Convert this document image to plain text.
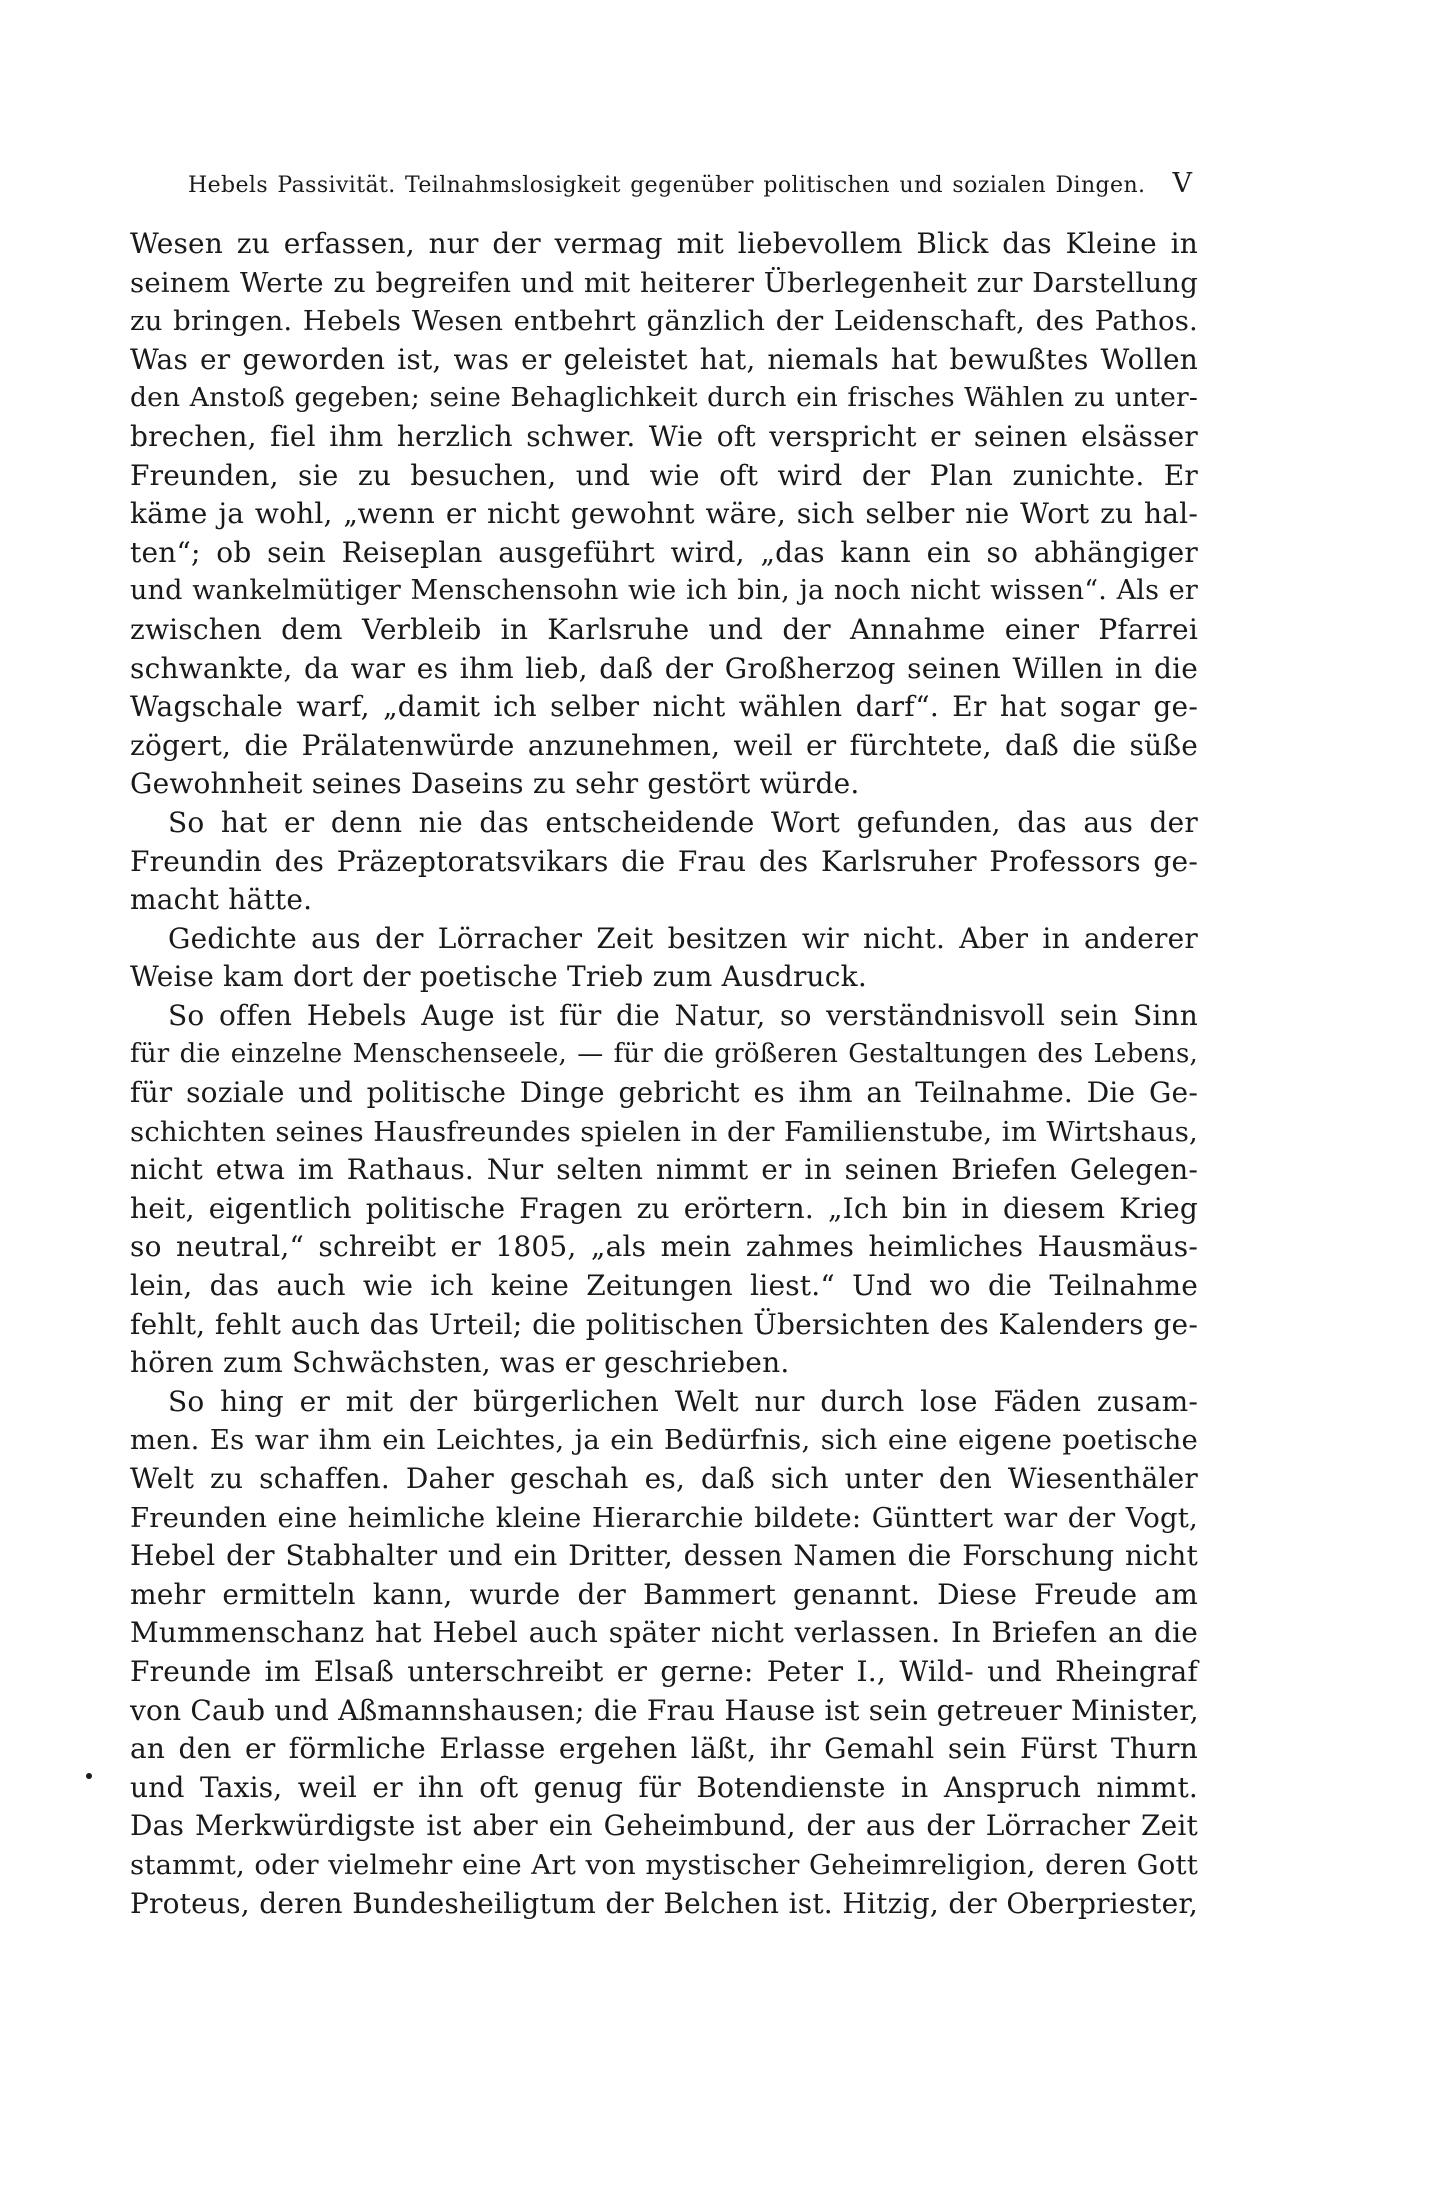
Hebels Passivität. Teilnahmslosigkeit gegenüber politischen und sozialen Dingen. V
Wesen zu erfassen, nur der vermag mit liebevollem Blick das Kleine in
seinem Werte zu begreifen und mit heiterer Überlegenheit zur Darstellung
zu bringen. Hebels Wesen entbehrt gänzlich der Leidenschaft, des Pathos.
Was er geworden ist, was er geleistet hat, niemals hat bewußtes Wollen
den Anstoß gegeben; seine Behaglichkeit durch ein frisches Wählen zu unter-
brechen, fiel ihm herzlich schwer. Wie oft verspricht er seinen elsässer
Freunden, sie zu besuchen, und wie oft wird der Plan zunichte. Er
käme ja wohl, „wenn er nicht gewohnt wäre, sich selber nie Wort zu hal-
ten“; ob sein Reiseplan ausgeführt wird, „das kann ein so abhängiger
und wankelmütiger Menschensohn wie ich bin, ja noch nicht wissen“. Als er
zwischen dem Verbleib in Karlsruhe und der Annahme einer Pfarrei
schwankte, da war es ihm lieb, daß der Großherzog seinen Willen in die
Wagschale warf, „damit ich selber nicht wählen darf“. Er hat sogar ge-
zögert, die Prälatenwürde anzunehmen, weil er fürchtete, daß die süße
Gewohnheit seines Daseins zu sehr gestört würde.
So hat er denn nie das entscheidende Wort gefunden, das aus der
Freundin des Präzeptoratsvikars die Frau des Karlsruher Professors ge-
macht hätte.
Gedichte aus der Lörracher Zeit besitzen wir nicht. Aber in anderer
Weise kam dort der poetische Trieb zum Ausdruck.
So offen Hebels Auge ist für die Natur, so verständnisvoll sein Sinn
für die einzelne Menschenseele, — für die größeren Gestaltungen des Lebens,
für soziale und politische Dinge gebricht es ihm an Teilnahme. Die Ge-
schichten seines Hausfreundes spielen in der Familienstube, im Wirtshaus,
nicht etwa im Rathaus. Nur selten nimmt er in seinen Briefen Gelegen-
heit, eigentlich politische Fragen zu erörtern. „Ich bin in diesem Krieg
so neutral,“ schreibt er 1805, „als mein zahmes heimliches Hausmäus-
lein, das auch wie ich keine Zeitungen liest.“ Und wo die Teilnahme
fehlt, fehlt auch das Urteil; die politischen Übersichten des Kalenders ge-
hören zum Schwächsten, was er geschrieben.
So hing er mit der bürgerlichen Welt nur durch lose Fäden zusam-
men. Es war ihm ein Leichtes, ja ein Bedürfnis, sich eine eigene poetische
Welt zu schaffen. Daher geschah es, daß sich unter den Wiesenthäler
Freunden eine heimliche kleine Hierarchie bildete: Günttert war der Vogt,
Hebel der Stabhalter und ein Dritter, dessen Namen die Forschung nicht
mehr ermitteln kann, wurde der Bammert genannt. Diese Freude am
Mummenschanz hat Hebel auch später nicht verlassen. In Briefen an die
Freunde im Elsaß unterschreibt er gerne: Peter I., Wild- und Rheingraf
von Caub und Aßmannshausen; die Frau Hause ist sein getreuer Minister,
an den er förmliche Erlasse ergehen läßt, ihr Gemahl sein Fürst Thurn
und Taxis, weil er ihn oft genug für Botendienste in Anspruch nimmt.
Das Merkwürdigste ist aber ein Geheimbund, der aus der Lörracher Zeit
stammt, oder vielmehr eine Art von mystischer Geheimreligion, deren Gott
Proteus, deren Bundesheiligtum der Belchen ist. Hitzig, der Oberpriester,
